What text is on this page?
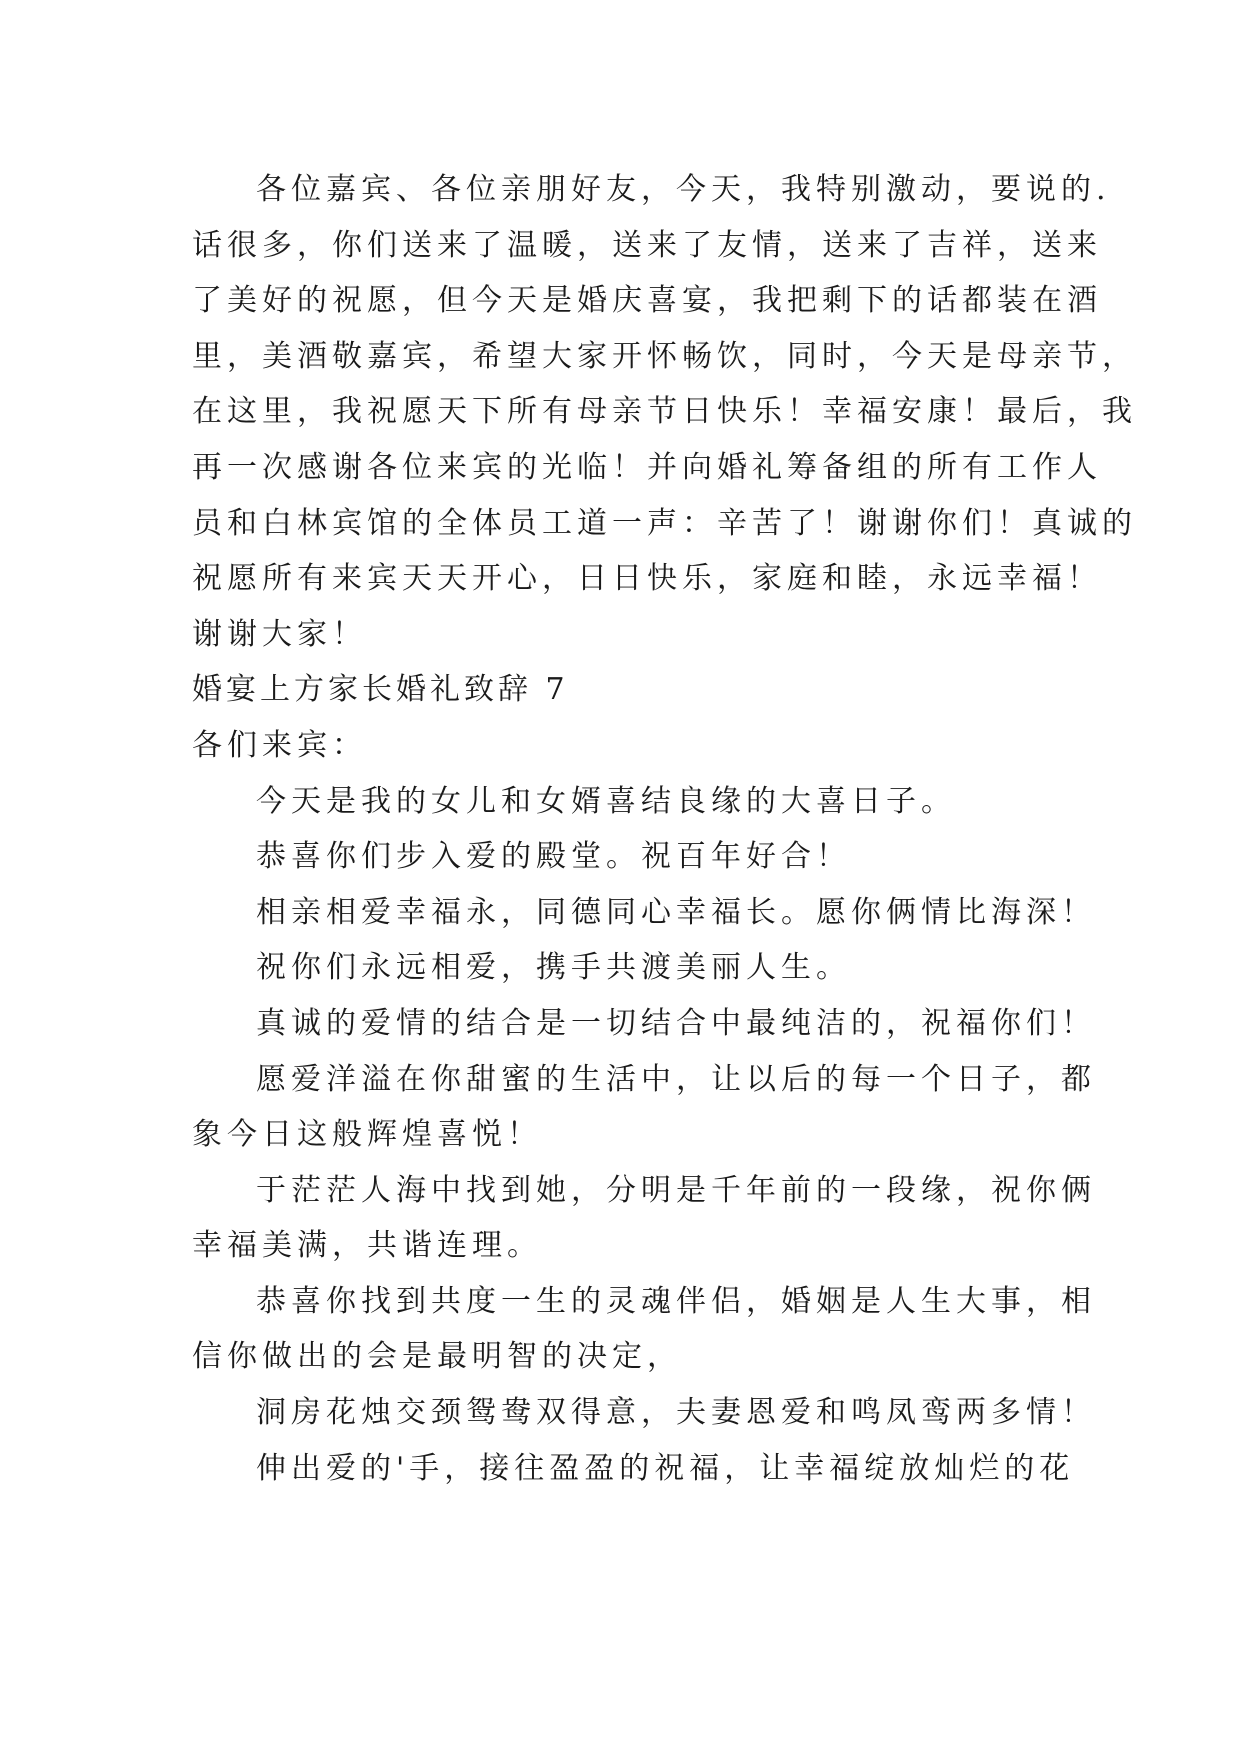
各位嘉宾、各位亲朋好友，今天，我特别激动，要说的.
话很多，你们送来了温暖，送来了友情，送来了吉祥，送来
了美好的祝愿，但今天是婚庆喜宴，我把剩下的话都装在酒
里，美酒敬嘉宾，希望大家开怀畅饮，同时，今天是母亲节，
在这里，我祝愿天下所有母亲节日快乐！幸福安康！最后，我
再一次感谢各位来宾的光临！并向婚礼筹备组的所有工作人
员和白林宾馆的全体员工道一声：辛苦了！谢谢你们！真诚的
祝愿所有来宾天天开心，日日快乐，家庭和睦，永远幸福！
谢谢大家！
婚宴上方家长婚礼致辞 7
各们来宾：
今天是我的女儿和女婿喜结良缘的大喜日子。
恭喜你们步入爱的殿堂。祝百年好合！
相亲相爱幸福永，同德同心幸福长。愿你俩情比海深！
祝你们永远相爱，携手共渡美丽人生。
真诚的爱情的结合是一切结合中最纯洁的，祝福你们！
愿爱洋溢在你甜蜜的生活中，让以后的每一个日子，都
象今日这般辉煌喜悦！
于茫茫人海中找到她，分明是千年前的一段缘，祝你俩
幸福美满，共谐连理。
恭喜你找到共度一生的灵魂伴侣，婚姻是人生大事，相
信你做出的会是最明智的决定，
洞房花烛交颈鸳鸯双得意，夫妻恩爱和鸣凤鸾两多情！
伸出爱的'手，接往盈盈的祝福，让幸福绽放灿烂的花
